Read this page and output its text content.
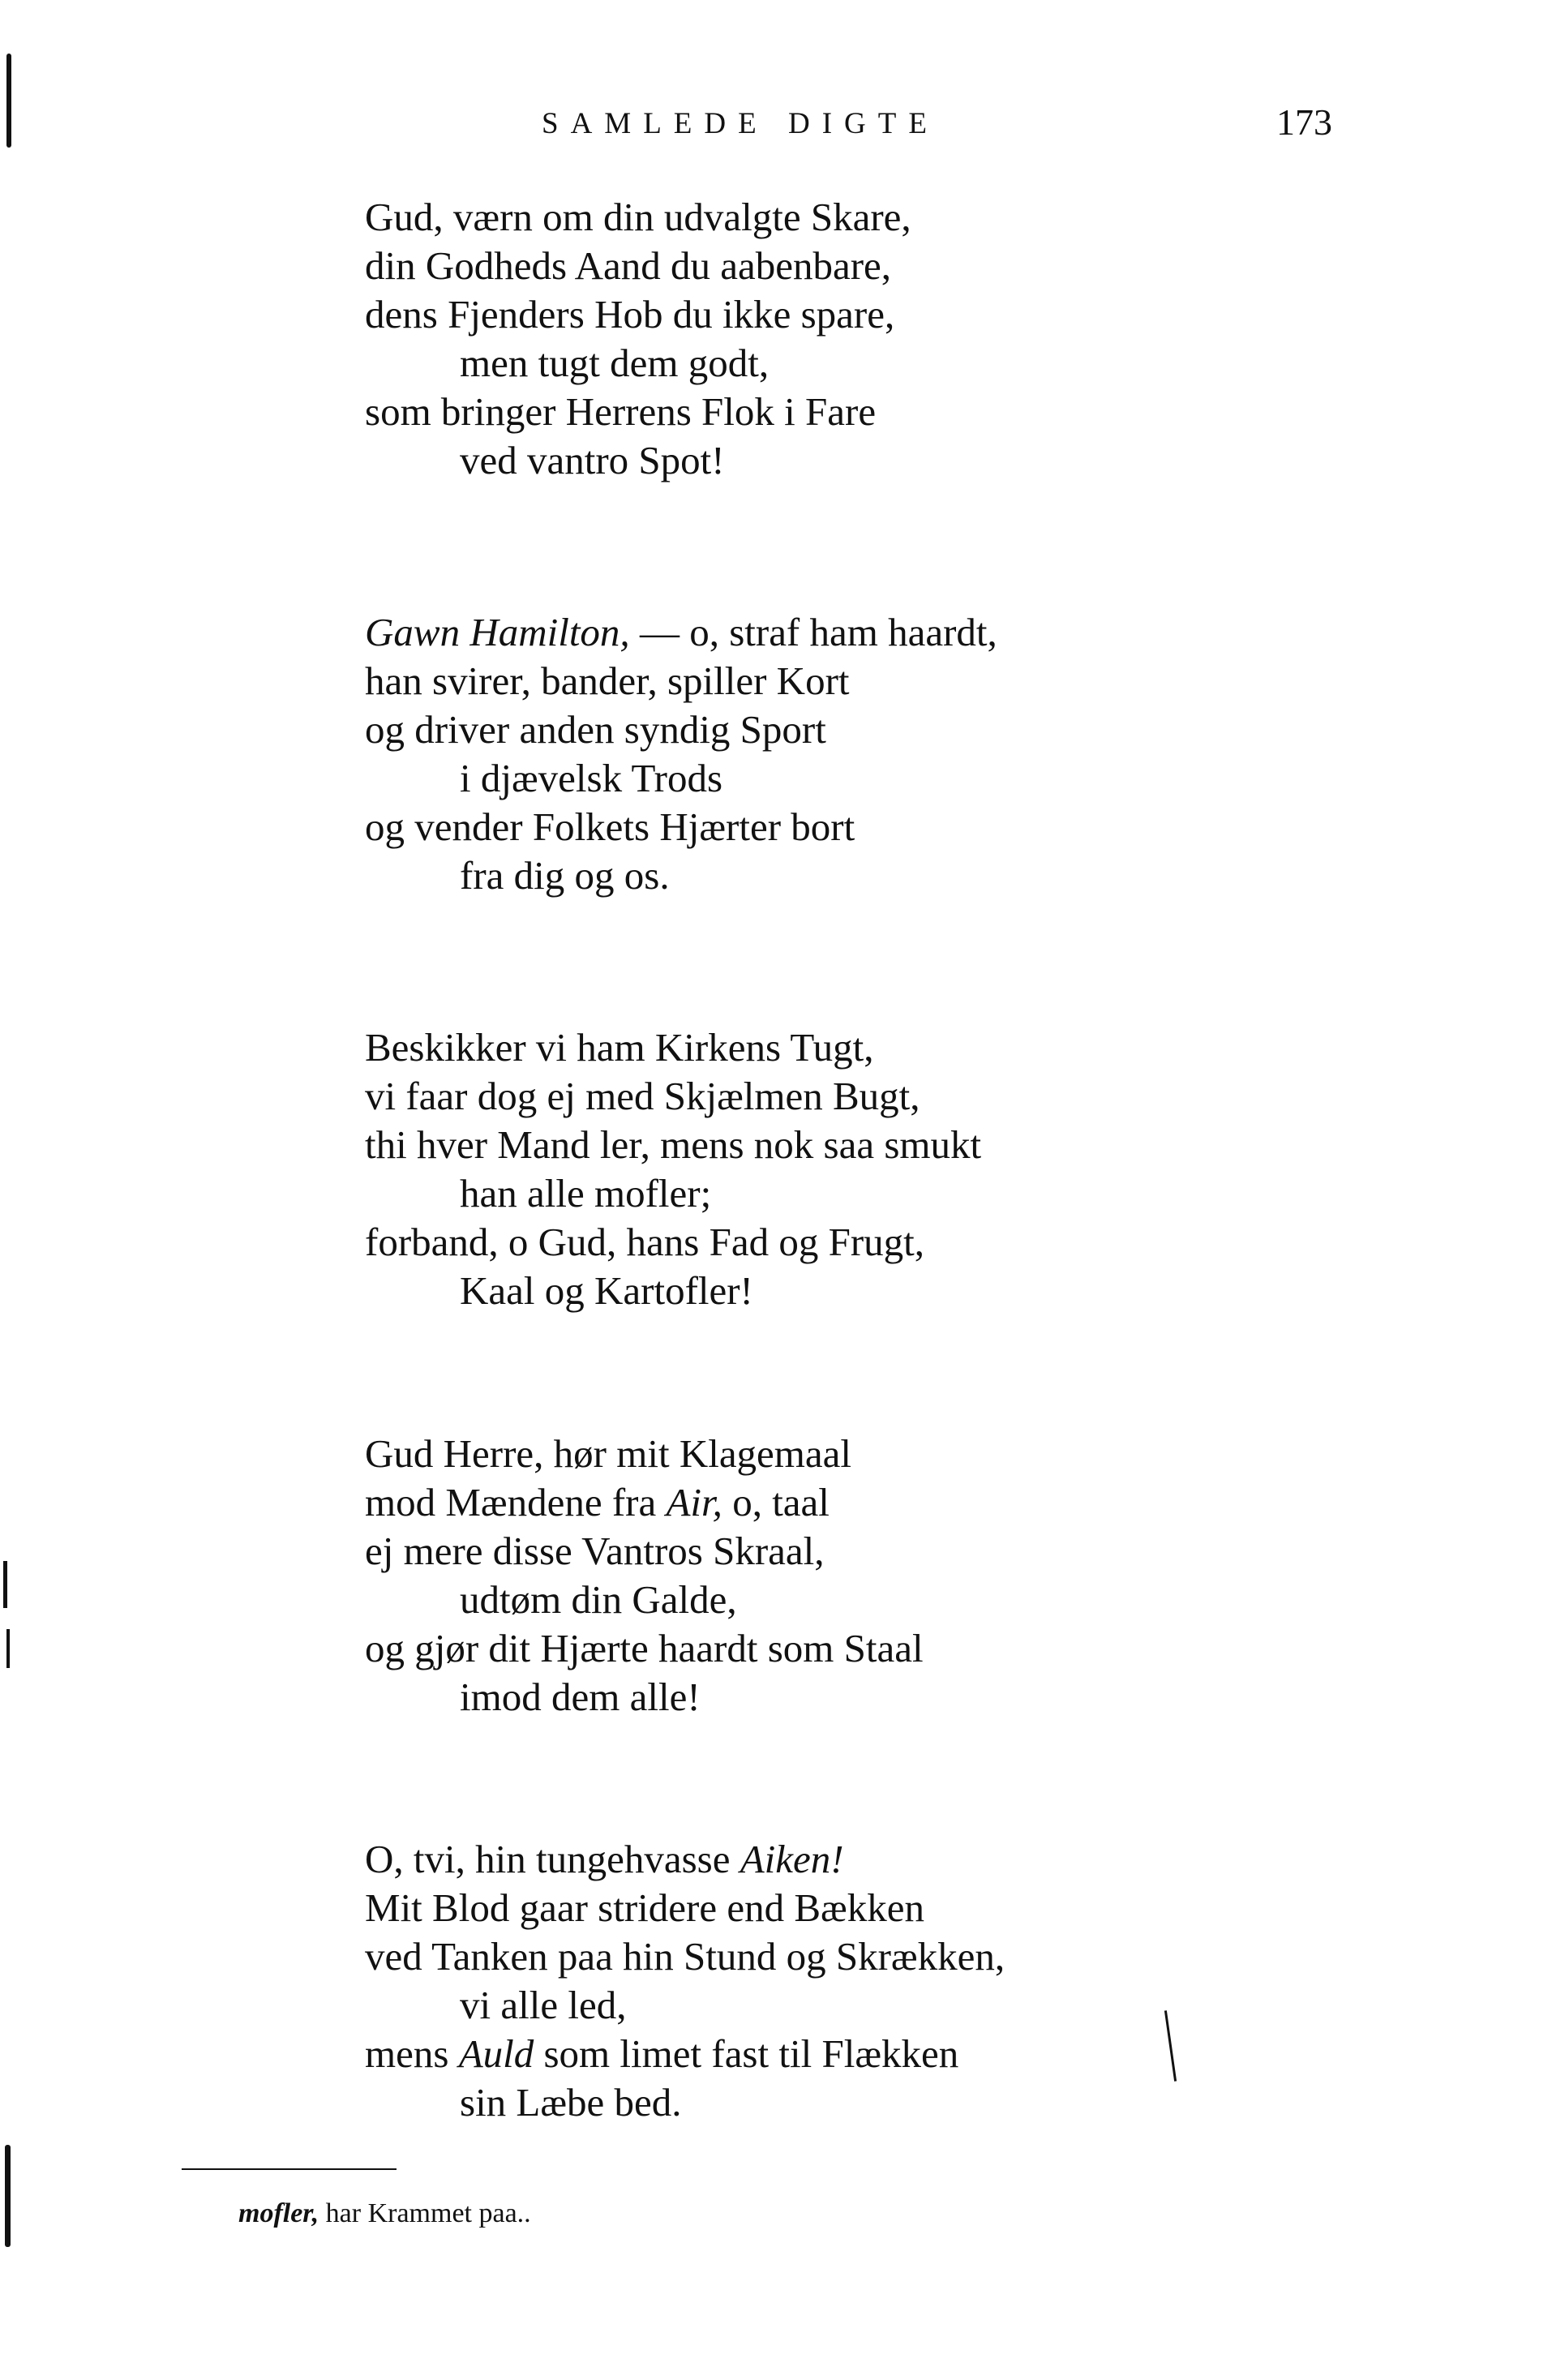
SAMLEDE DIGTE	173
Gud, værn om din udvalgte Skare,
din Godheds Aand du aabenbare,
dens Fjenders Hob du ikke spare,
men tugt dem godt,
som bringer Herrens Flok i Fare
ved vantro Spot!
Gawn Hamilton, — o, straf ham haardt,
han svirer, bander, spiller Kort
og driver anden syndig Sport
i djævelsk Trods
og vender Folkets Hjærter bort
fra dig og os.
Beskikker vi ham Kirkens Tugt,
vi faar dog ej med Skjælmen Bugt,
thi hver Mand ler, mens nok saa smukt
han alle mofler;
forband, o Gud, hans Fad og Frugt,
Kaal og Kartofler!
Gud Herre, hør mit Klagemaal
mod Mændene fra Air, o, taal
ej mere disse Vantros Skraal,
udtøm din Galde,
og gjør dit Hjærte haardt som Staal
imod dem alle!
O, tvi, hin tungehvasse Aiken!
Mit Blod gaar stridere end Bækken
ved Tanken paa hin Stund og Skrækken,
vi alle led,
mens Auld som limet fast til Flækken
sin Læbe bed.
mofler, har Krammet paa..
